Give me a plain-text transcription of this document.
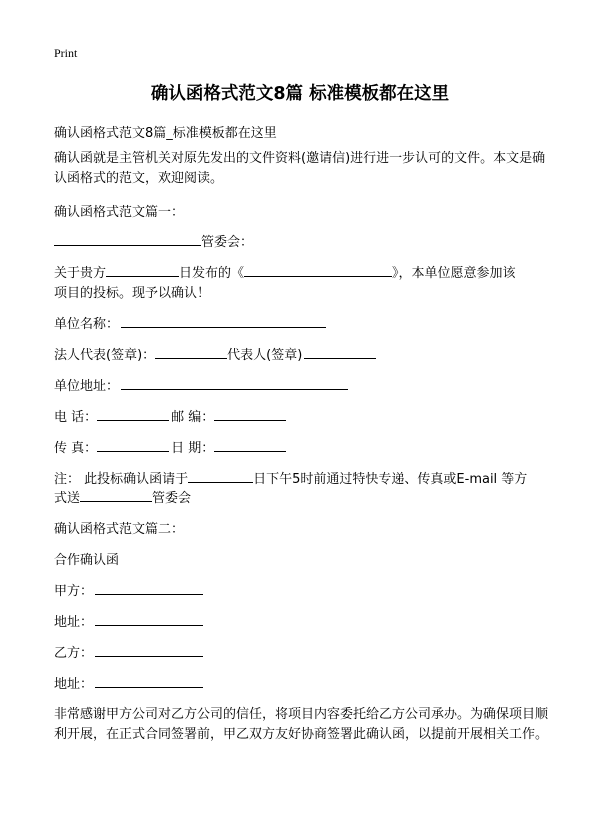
Print
确认函格式范文8篇 标准模板都在这里
确认函格式范文8篇_标准模板都在这里
确认函就是主管机关对原先发出的文件资料(邀请信)进行进一步认可的文件。本文是确认函格式的范文，欢迎阅读。
确认函格式范文篇一：
管委会：
关于贵方	日发布的《	》，本单位愿意参加该
项目的投标。现予以确认！
单位名称：
法人代表(签章)：	代表人(签章)
单位地址：
电 话：	邮 编：
传 真：	日 期：
注： 此投标确认函请于	日下午5时前通过特快专递、传真或E-mail 等方
式送	管委会
确认函格式范文篇二：
合作确认函
甲方：
地址：
乙方：
地址：
非常感谢甲方公司对乙方公司的信任，将项目内容委托给乙方公司承办。为确保项目顺利开展，在正式合同签署前，甲乙双方友好协商签署此确认函，以提前开展相关工作。
